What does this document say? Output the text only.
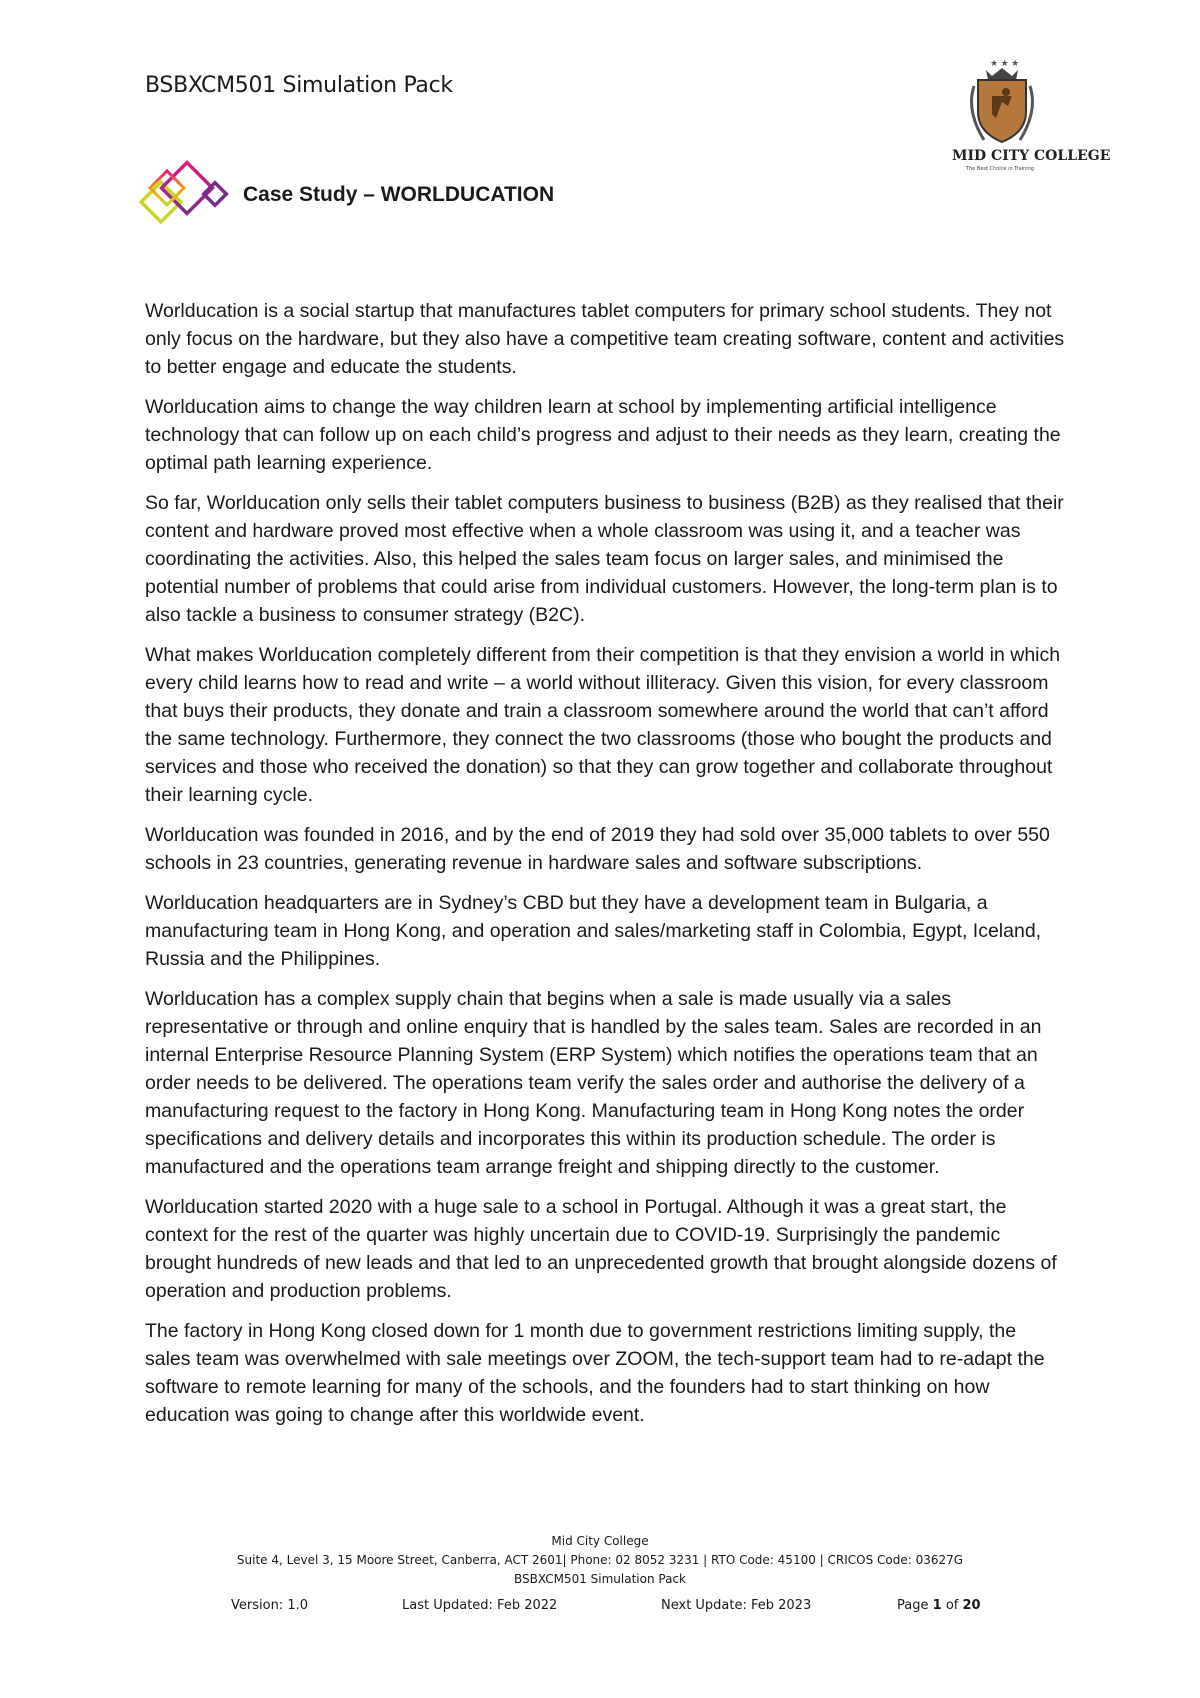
BSBXCM501 Simulation Pack
★ ★ ★
MID CITY COLLEGE
The Best Choice in Training
Case Study – WORLDUCATION

Worlducation is a social startup that manufactures tablet computers for primary school students. They not only focus on the hardware, but they also have a competitive team creating software, content and activities to better engage and educate the students.

Worlducation aims to change the way children learn at school by implementing artificial intelligence technology that can follow up on each child’s progress and adjust to their needs as they learn, creating the optimal path learning experience.

So far, Worlducation only sells their tablet computers business to business (B2B) as they realised that their content and hardware proved most effective when a whole classroom was using it, and a teacher was coordinating the activities. Also, this helped the sales team focus on larger sales, and minimised the potential number of problems that could arise from individual customers. However, the long-term plan is to also tackle a business to consumer strategy (B2C).

What makes Worlducation completely different from their competition is that they envision a world in which every child learns how to read and write – a world without illiteracy. Given this vision, for every classroom that buys their products, they donate and train a classroom somewhere around the world that can’t afford the same technology. Furthermore, they connect the two classrooms (those who bought the products and services and those who received the donation) so that they can grow together and collaborate throughout their learning cycle.

Worlducation was founded in 2016, and by the end of 2019 they had sold over 35,000 tablets to over 550 schools in 23 countries, generating revenue in hardware sales and software subscriptions.

Worlducation headquarters are in Sydney’s CBD but they have a development team in Bulgaria, a manufacturing team in Hong Kong, and operation and sales/marketing staff in Colombia, Egypt, Iceland, Russia and the Philippines.

Worlducation has a complex supply chain that begins when a sale is made usually via a sales representative or through and online enquiry that is handled by the sales team. Sales are recorded in an internal Enterprise Resource Planning System (ERP System) which notifies the operations team that an order needs to be delivered. The operations team verify the sales order and authorise the delivery of a manufacturing request to the factory in Hong Kong. Manufacturing team in Hong Kong notes the order specifications and delivery details and incorporates this within its production schedule. The order is manufactured and the operations team arrange freight and shipping directly to the customer.

Worlducation started 2020 with a huge sale to a school in Portugal. Although it was a great start, the context for the rest of the quarter was highly uncertain due to COVID-19. Surprisingly the pandemic brought hundreds of new leads and that led to an unprecedented growth that brought alongside dozens of operation and production problems.

The factory in Hong Kong closed down for 1 month due to government restrictions limiting supply, the sales team was overwhelmed with sale meetings over ZOOM, the tech-support team had to re-adapt the software to remote learning for many of the schools, and the founders had to start thinking on how education was going to change after this worldwide event.

Mid City College
Suite 4, Level 3, 15 Moore Street, Canberra, ACT 2601| Phone: 02 8052 3231 | RTO Code: 45100 | CRICOS Code: 03627G
BSBXCM501 Simulation Pack
Version: 1.0	Last Updated: Feb 2022	Next Update: Feb 2023	Page 1 of 20
